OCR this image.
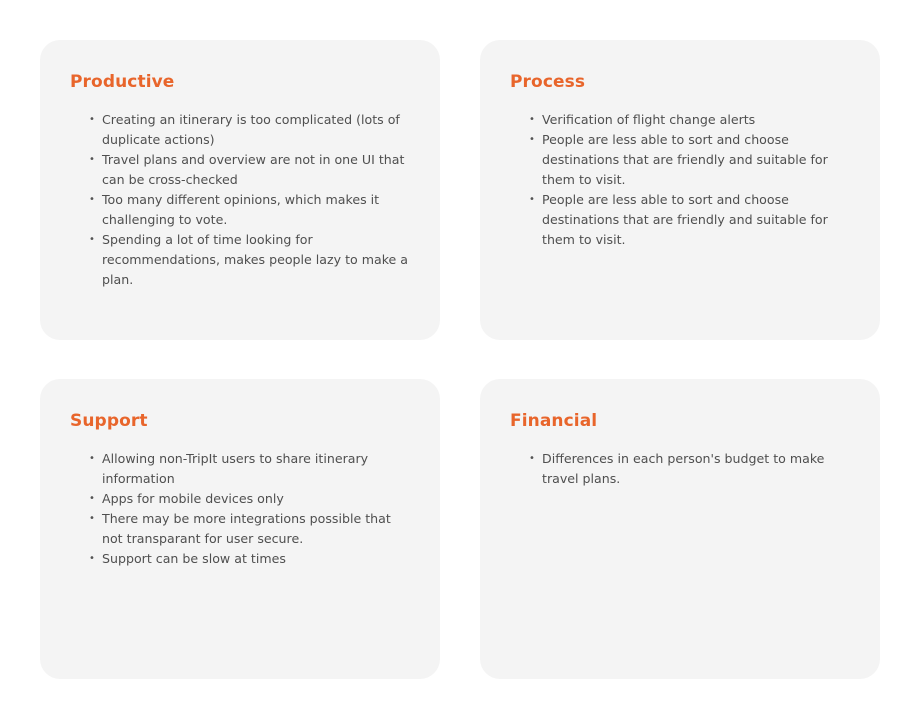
Productive
• Creating an itinerary is too complicated (lots of duplicate actions)
• Travel plans and overview are not in one UI that can be cross-checked
• Too many different opinions, which makes it challenging to vote.
• Spending a lot of time looking for recommendations, makes people lazy to make a plan.
Process
• Verification of flight change alerts
• People are less able to sort and choose destinations that are friendly and suitable for them to visit.
• People are less able to sort and choose destinations that are friendly and suitable for them to visit.
Support
• Allowing non-TripIt users to share itinerary information
• Apps for mobile devices only
• There may be more integrations possible that not transparant for user secure.
• Support can be slow at times
Financial
• Differences in each person's budget to make travel plans.
